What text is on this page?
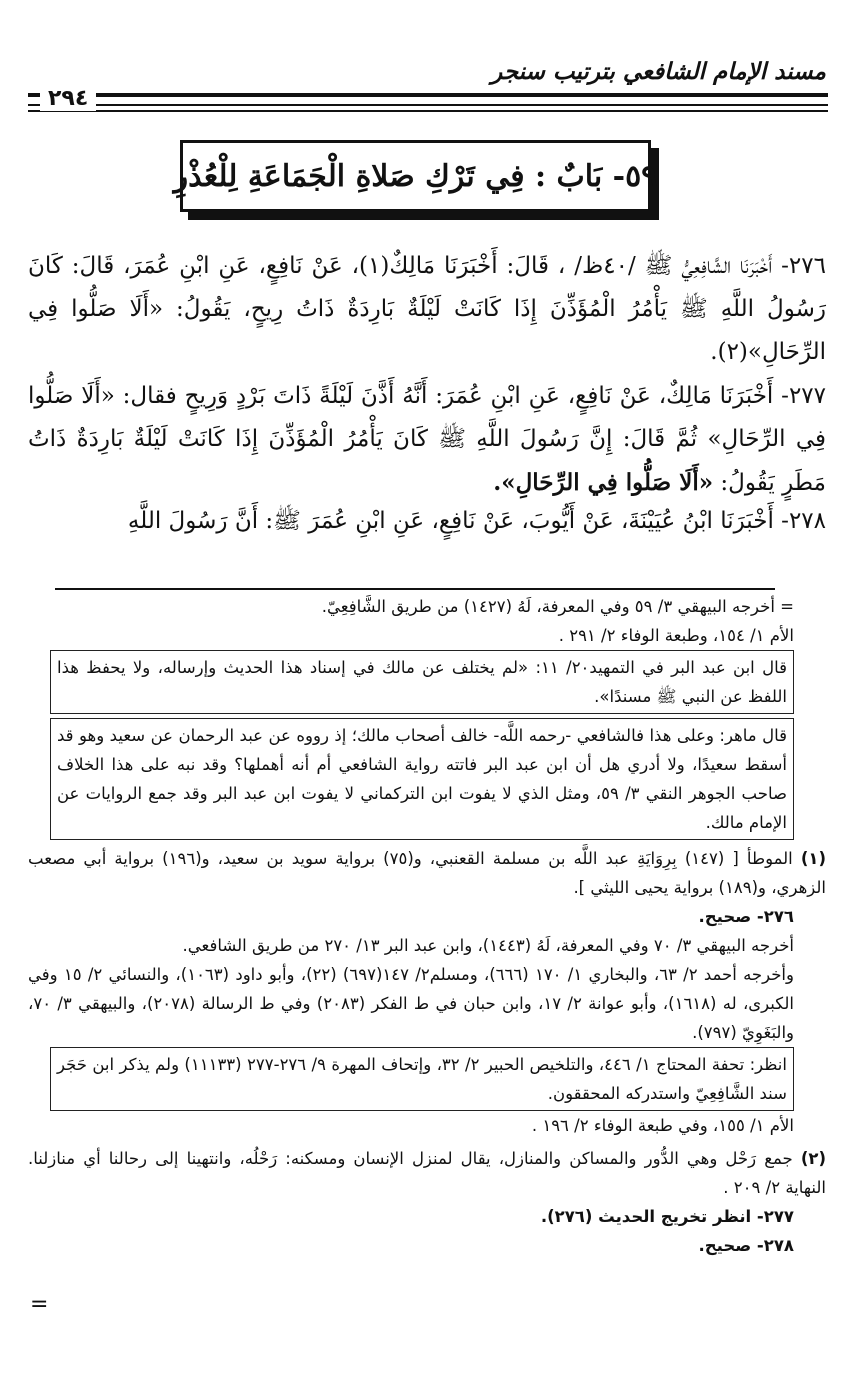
مسند الإمام الشافعي بترتيب سنجر
٢٩٤
٥٩- بَابٌ : فِي تَرْكِ صَلاةِ الْجَمَاعَةِ لِلْعُذْرِ
٢٧٦- أَخْبَرَنَا الشَّافِعِيُّ ﷺ /٤٠ظ/ ، قَالَ: أَخْبَرَنَا مَالِكٌ(١)، عَنْ نَافِعٍ، عَنِ ابْنِ عُمَرَ، قَالَ: كَانَ رَسُولُ اللَّهِ ﷺ يَأْمُرُ الْمُؤَذِّنَ إِذَا كَانَتْ لَيْلَةٌ بَارِدَةٌ ذَاتُ رِيحٍ، يَقُولُ: «أَلَا صَلُّوا فِي الرِّحَالِ»(٢).
٢٧٧- أَخْبَرَنَا مَالِكٌ، عَنْ نَافِعٍ، عَنِ ابْنِ عُمَرَ: أَنَّهُ أَذَّنَ لَيْلَةً ذَاتَ بَرْدٍ وَرِيحٍ فقال: «أَلَا صَلُّوا فِي الرِّحَالِ» ثُمَّ قَالَ: إِنَّ رَسُولَ اللَّهِ ﷺ كَانَ يَأْمُرُ الْمُؤَذِّنَ إِذَا كَانَتْ لَيْلَةٌ بَارِدَةٌ ذَاتُ مَطَرٍ يَقُولُ: «أَلَا صَلُّوا فِي الرِّحَالِ».
٢٧٨- أَخْبَرَنَا ابْنُ عُيَيْنَةَ، عَنْ أَيُّوبَ، عَنْ نَافِعٍ، عَنِ ابْنِ عُمَرَ ﷺ: أَنَّ رَسُولَ اللَّهِ

= أخرجه البيهقي ٣/ ٥٩ وفي المعرفة، لَهُ (١٤٢٧) من طريق الشَّافِعِيّ.

الأم ١/ ١٥٤، وطبعة الوفاء ٢/ ٢٩١ .

قال ابن عبد البر في التمهيد٢٠/ ١١: «لم يختلف عن مالك في إسناد هذا الحديث وإرساله، ولا يحفظ هذا اللفظ عن النبي ﷺ مسندًا».

قال ماهر: وعلى هذا فالشافعي -رحمه اللَّه- خالف أصحاب مالك؛ إذ رووه عن عبد الرحمان عن سعيد وهو قد أسقط سعيدًا، ولا أدري هل أن ابن عبد البر فاتته رواية الشافعي أم أنه أهملها؟ وقد نبه على هذا الخلاف صاحب الجوهر النقي ٣/ ٥٩، ومثل الذي لا يفوت ابن التركماني لا يفوت ابن عبد البر وقد جمع الروايات عن الإمام مالك.

(١) الموطأ [ (١٤٧) بِرِوَايَةِ عبد اللَّه بن مسلمة القعنبي، و(٧٥) برواية سويد بن سعيد، و(١٩٦) برواية أبي مصعب الزهري، و(١٨٩) برواية يحيى الليثي ].

٢٧٦- صحيح.

أخرجه البيهقي ٣/ ٧٠ وفي المعرفة، لَهُ (١٤٤٣)، وابن عبد البر ١٣/ ٢٧٠ من طريق الشافعي.

وأخرجه أحمد ٢/ ٦٣، والبخاري ١/ ١٧٠ (٦٦٦)، ومسلم٢/ ١٤٧(٦٩٧) (٢٢)، وأبو داود (١٠٦٣)، والنسائي ٢/ ١٥ وفي الكبرى، له (١٦١٨)، وأبو عوانة ٢/ ١٧، وابن حبان في ط الفكر (٢٠٨٣) وفي ط الرسالة (٢٠٧٨)، والبيهقي ٣/ ٧٠، والبَغَوِيّ (٧٩٧).

انظر: تحفة المحتاج ١/ ٤٤٦، والتلخيص الحبير ٢/ ٣٢، وإتحاف المهرة ٩/ ٢٧٦-٢٧٧ (١١١٣٣) ولم يذكر ابن حَجَر سند الشَّافِعِيّ واستدركه المحققون.

الأم ١/ ١٥٥، وفي طبعة الوفاء ٢/ ١٩٦ .

(٢) جمع رَحْل وهي الدُّور والمساكن والمنازل، يقال لمنزل الإنسان ومسكنه: رَحْلُه، وانتهينا إلى رحالنا أي منازلنا. النهاية ٢/ ٢٠٩ .

٢٧٧- انظر تخريج الحديث (٢٧٦).

٢٧٨- صحيح.

=
